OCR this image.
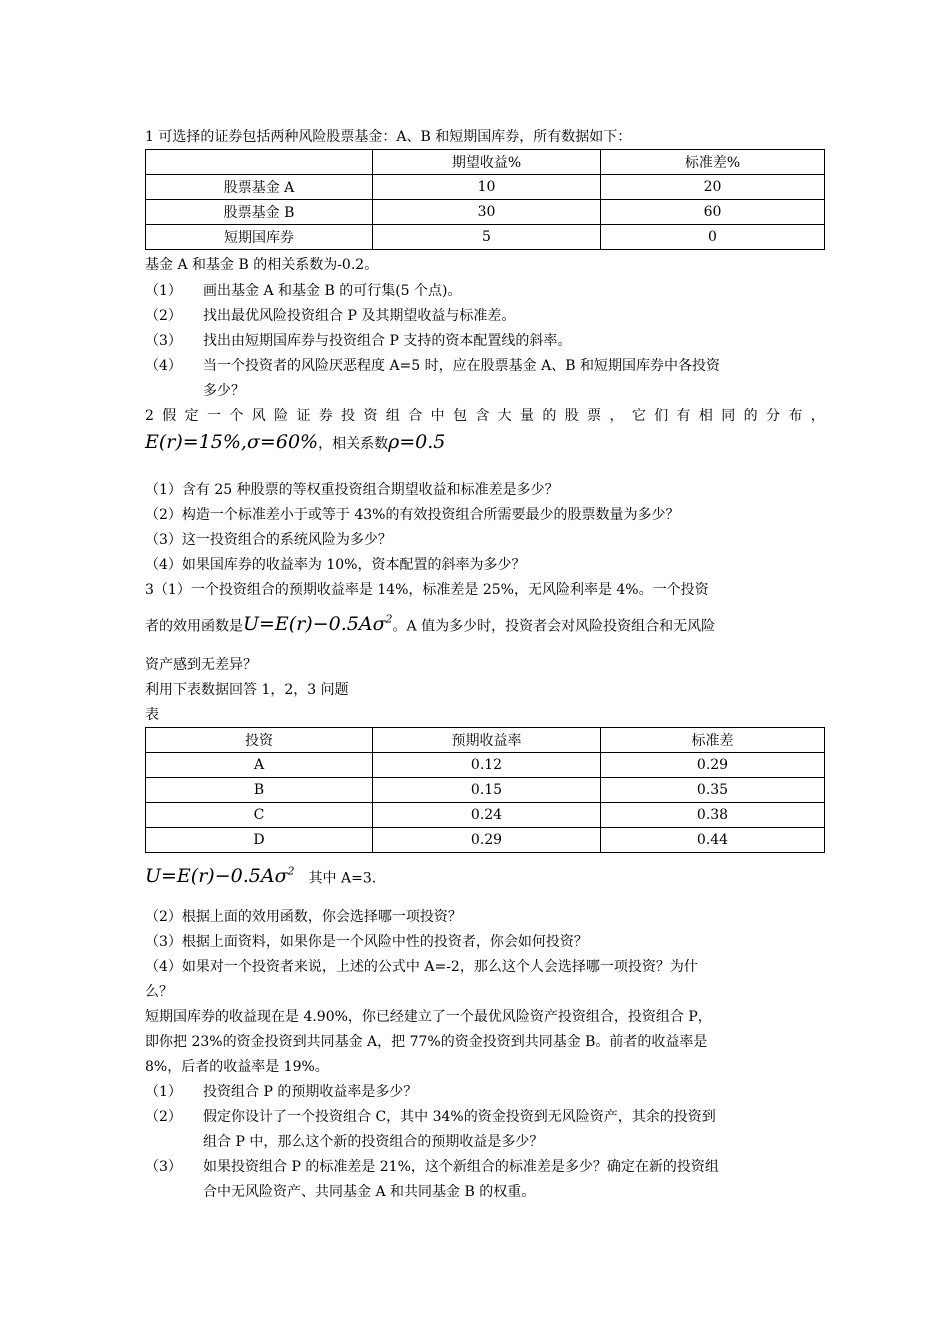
1 可选择的证券包括两种风险股票基金：A、B 和短期国库券，所有数据如下：
	期望收益%	标准差%
股票基金 A	10	20
股票基金 B	30	60
短期国库券	5	0
基金 A 和基金 B 的相关系数为-0.2。
（1） 画出基金 A 和基金 B 的可行集(5 个点)。
（2） 找出最优风险投资组合 P 及其期望收益与标准差。
（3） 找出由短期国库券与投资组合 P 支持的资本配置线的斜率。
（4） 当一个投资者的风险厌恶程度 A=5 时，应在股票基金 A、B 和短期国库券中各投资
多少？
2 假 定 一 个 风 险 证 券 投 资 组 合 中 包 含 大 量 的 股 票 ， 它 们 有 相 同 的 分 布 ，
E(r)=15%,σ=60%，相关系数ρ=0.5
（1）含有 25 种股票的等权重投资组合期望收益和标准差是多少？
（2）构造一个标准差小于或等于 43%的有效投资组合所需要最少的股票数量为多少？
（3）这一投资组合的系统风险为多少？
（4）如果国库券的收益率为 10%，资本配置的斜率为多少？
3（1）一个投资组合的预期收益率是 14%，标准差是 25%，无风险利率是 4%。一个投资
者的效用函数是$U=E(r)-0.5A\sigma^2$。A 值为多少时，投资者会对风险投资组合和无风险
资产感到无差异？
利用下表数据回答 1，2，3 问题
表
投资	预期收益率	标准差
A	0.12	0.29
B	0.15	0.35
C	0.24	0.38
D	0.29	0.44
$U=E(r)-0.5A\sigma^2$ 其中 A=3.
（2）根据上面的效用函数，你会选择哪一项投资？
（3）根据上面资料，如果你是一个风险中性的投资者，你会如何投资？
（4）如果对一个投资者来说，上述的公式中 A=-2，那么这个人会选择哪一项投资？为什
么？
短期国库券的收益现在是 4.90%，你已经建立了一个最优风险资产投资组合，投资组合 P，
即你把 23%的资金投资到共同基金 A，把 77%的资金投资到共同基金 B。前者的收益率是
8%，后者的收益率是 19%。
（1） 投资组合 P 的预期收益率是多少？
（2） 假定你设计了一个投资组合 C，其中 34%的资金投资到无风险资产，其余的投资到
组合 P 中，那么这个新的投资组合的预期收益是多少？
（3） 如果投资组合 P 的标准差是 21%，这个新组合的标准差是多少？确定在新的投资组
合中无风险资产、共同基金 A 和共同基金 B 的权重。
